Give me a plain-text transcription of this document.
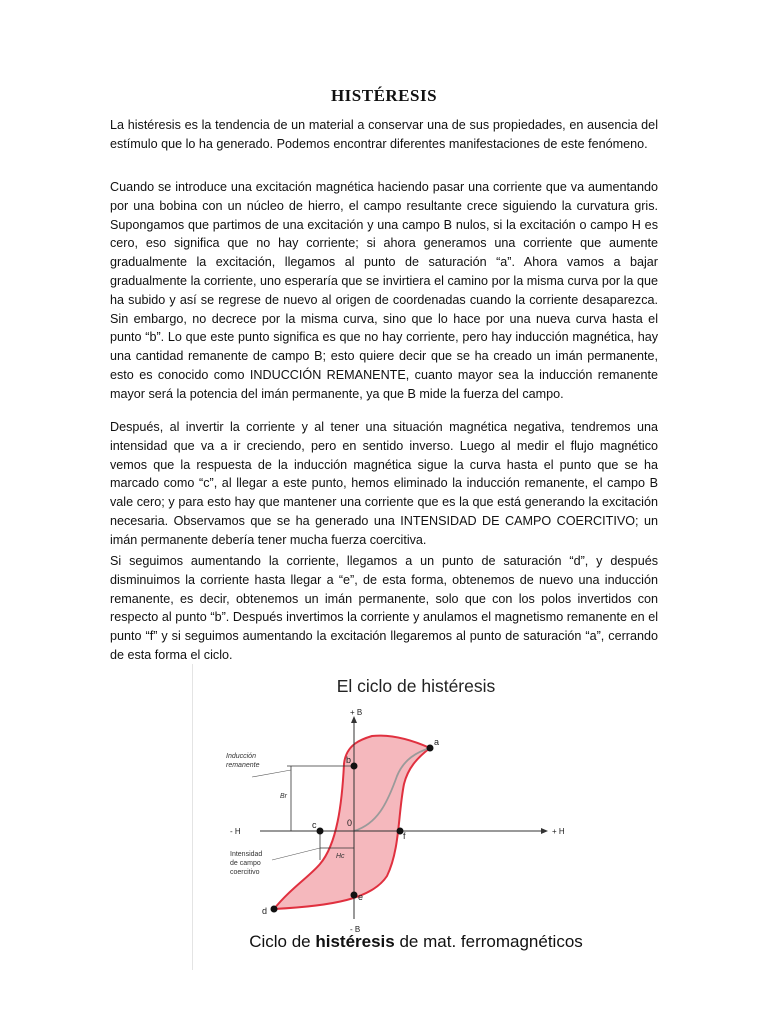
HISTÉRESIS

La histéresis es la tendencia de un material a conservar una de sus propiedades, en ausencia del estímulo que lo ha generado. Podemos encontrar diferentes manifestaciones de este fenómeno.

Cuando se introduce una excitación magnética haciendo pasar una corriente que va aumentando por una bobina con un núcleo de hierro, el campo resultante crece siguiendo la curvatura gris. Supongamos que partimos de una excitación y una campo B nulos, si la excitación o campo H es cero, eso significa que no hay corriente; si ahora generamos una corriente que aumente gradualmente la excitación, llegamos al punto de saturación “a”. Ahora vamos a bajar gradualmente la corriente, uno esperaría que se invirtiera el camino por la misma curva por la que ha subido y así se regrese de nuevo al origen de coordenadas cuando la corriente desaparezca. Sin embargo, no decrece por la misma curva, sino que lo hace por una nueva curva hasta el punto “b”. Lo que este punto significa es que no hay corriente, pero hay inducción magnética, hay una cantidad remanente de campo B; esto quiere decir que se ha creado un imán permanente, esto es conocido como INDUCCIÓN REMANENTE, cuanto mayor sea la inducción remanente mayor será la potencia del imán permanente, ya que B mide la fuerza del campo.

Después, al invertir la corriente y al tener una situación magnética negativa, tendremos una intensidad que va a ir creciendo, pero en sentido inverso. Luego al medir el flujo magnético vemos que la respuesta de la inducción magnética sigue la curva hasta el punto que se ha marcado como “c”, al llegar a este punto, hemos eliminado la inducción remanente, el campo B vale cero; y para esto hay que mantener una corriente que es la que está generando la excitación necesaria. Observamos que se ha generado una INTENSIDAD DE CAMPO COERCITIVO; un imán permanente debería tener mucha fuerza coercitiva.

Si seguimos aumentando la corriente, llegamos a un punto de saturación “d”, y después disminuimos la corriente hasta llegar a “e”, de esta forma, obtenemos de nuevo una inducción remanente, es decir, obtenemos un imán permanente, solo que con los polos invertidos con respecto al punto “b”. Después invertimos la corriente y anulamos el magnetismo remanente en el punto “f” y si seguimos aumentando la excitación llegaremos al punto de saturación “a”, cerrando de esta forma el ciclo.

El ciclo de histéresis

a
b
c
d
e
f
0
+ B
- B
+ H
- H
Inducción
remanente
Br
Intensidad
de campo
coercitivo
Hc

Ciclo de histéresis de mat. ferromagnéticos
